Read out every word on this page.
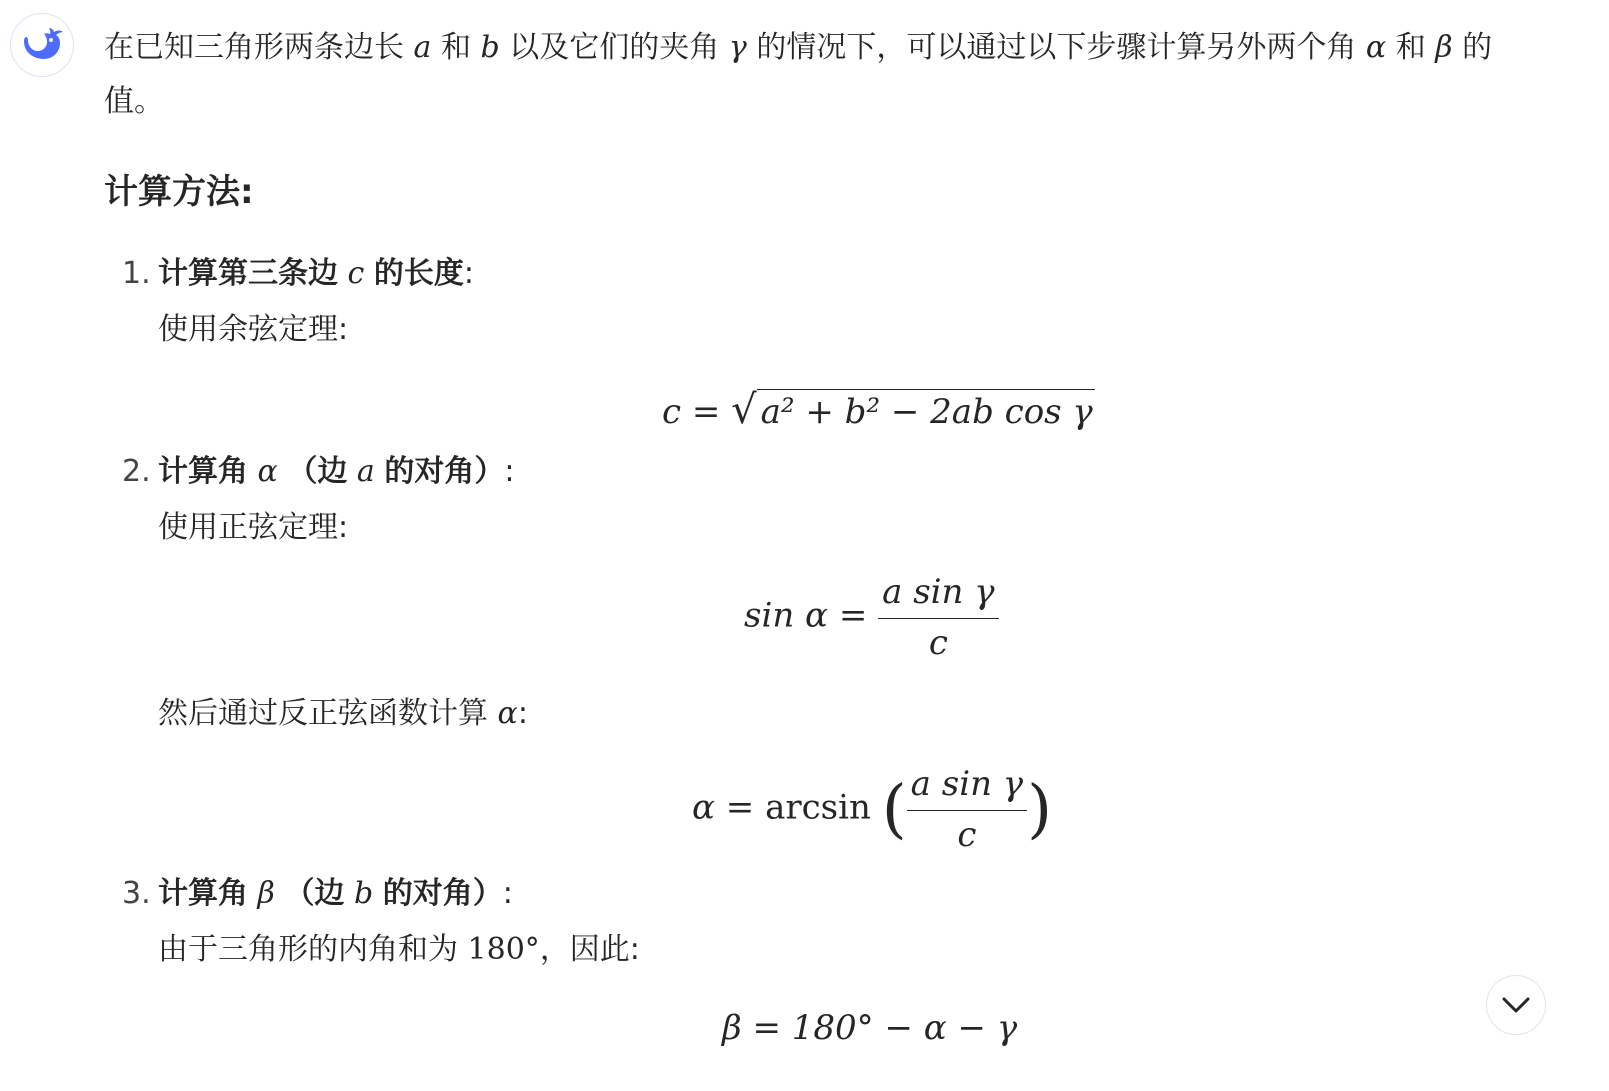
在已知三角形两条边长 a 和 b 以及它们的夹角 γ 的情况下，可以通过以下步骤计算另外两个角 α 和 β 的
值。
计算方法:
1. 计算第三条边 c 的长度:
使用余弦定理:
c = √ a² + b² − 2ab cos γ
2. 计算角 α （边 a 的对角）:
使用正弦定理:
$\sin \alpha = \frac{\text{a sin γ}}{c}$
然后通过反正弦函数计算 α:
α = arcsin ( $\frac{\text{a sin γ}}{c}$ )
3. 计算角 β （边 b 的对角）:
由于三角形的内角和为 180°，因此:
β = 180° − α − γ
